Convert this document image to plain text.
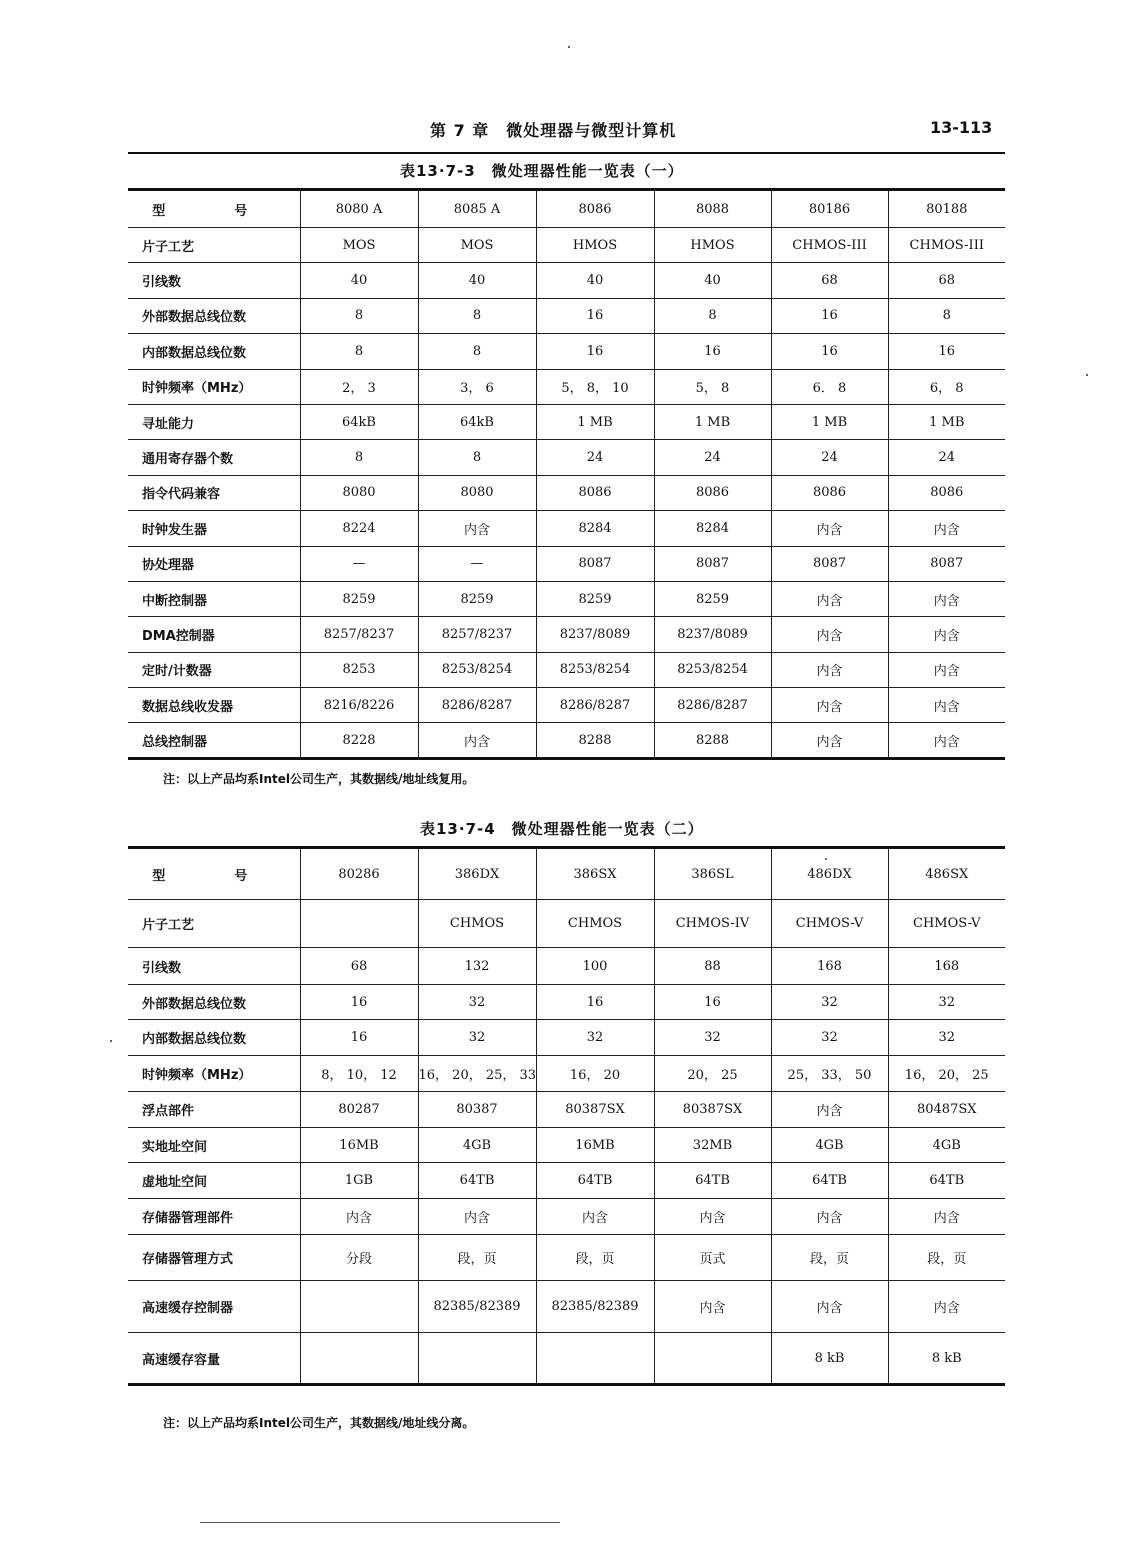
第 7 章　微处理器与微型计算机	13-113
表13·7-3　微处理器性能一览表（一）
型　号	8080 A	8085 A	8086	8088	80186	80188
片子工艺	MOS	MOS	HMOS	HMOS	CHMOS-III	CHMOS-III
引线数	40	40	40	40	68	68
外部数据总线位数	8	8	16	8	16	8
内部数据总线位数	8	8	16	16	16	16
时钟频率（MHz）	2， 3	3， 6	5， 8， 10	5， 8	6． 8	6， 8
寻址能力	64kB	64kB	1 MB	1 MB	1 MB	1 MB
通用寄存器个数	8	8	24	24	24	24
指令代码兼容	8080	8080	8086	8086	8086	8086
时钟发生器	8224	内含	8284	8284	内含	内含
协处理器	—	—	8087	8087	8087	8087
中断控制器	8259	8259	8259	8259	内含	内含
DMA控制器	8257/8237	8257/8237	8237/8089	8237/8089	内含	内含
定时/计数器	8253	8253/8254	8253/8254	8253/8254	内含	内含
数据总线收发器	8216/8226	8286/8287	8286/8287	8286/8287	内含	内含
总线控制器	8228	内含	8288	8288	内含	内含
注：以上产品均系Intel公司生产，其数据线/地址线复用。
表13·7-4　微处理器性能一览表（二）
型　号	80286	386DX	386SX	386SL	486DX	486SX
片子工艺		CHMOS	CHMOS	CHMOS-IV	CHMOS-V	CHMOS-V
引线数	68	132	100	88	168	168
外部数据总线位数	16	32	16	16	32	32
内部数据总线位数	16	32	32	32	32	32
时钟频率（MHz）	8， 10， 12	16， 20， 25， 33	16， 20	20， 25	25， 33， 50	16， 20， 25
浮点部件	80287	80387	80387SX	80387SX	内含	80487SX
实地址空间	16MB	4GB	16MB	32MB	4GB	4GB
虚地址空间	1GB	64TB	64TB	64TB	64TB	64TB
存储器管理部件	内含	内含	内含	内含	内含	内含
存储器管理方式	分段	段，页	段，页	页式	段，页	段，页
高速缓存控制器		82385/82389	82385/82389	内含	内含	内含
高速缓存容量					8 kB	8 kB
注：以上产品均系Intel公司生产，其数据线/地址线分离。
